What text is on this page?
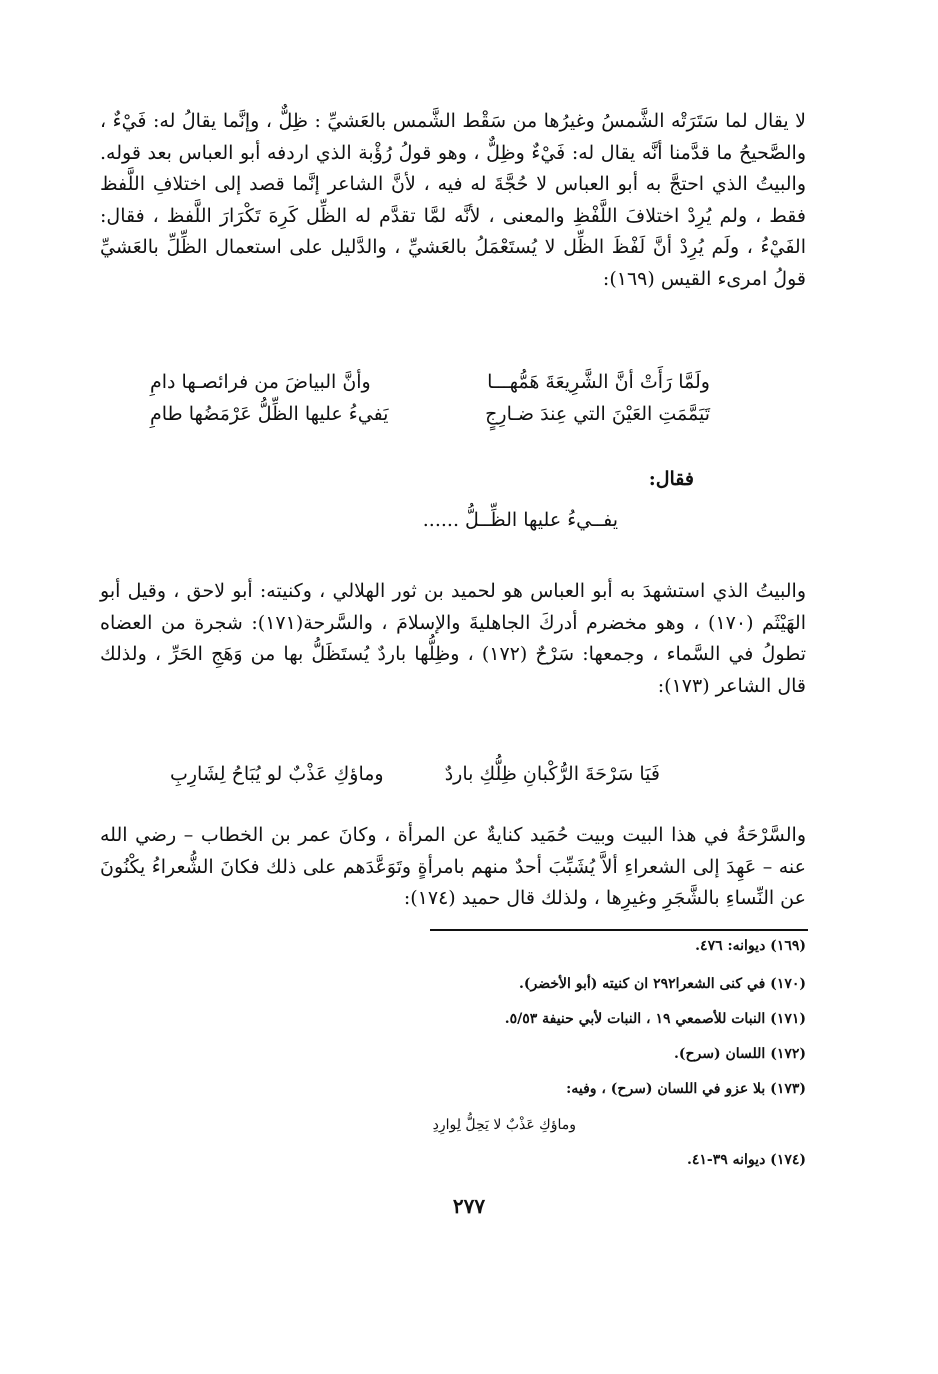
لا يقال لما سَتَرَتْه الشَّمسُ وغيرُها من سَقْط الشَّمس بالعَشيِّ : ظِلٌّ ، وإنَّما يقالُ له: فَيْءٌ ، والصَّحيحُ ما قدَّمنا أنَّه يقال له: فَيْءٌ وظِلٌّ ، وهو قولُ رُؤْبة الذي اردفه أبو العباس بعد قوله. والبيتُ الذي احتجَّ به أبو العباس لا حُجَّةَ له فيه ، لأنَّ الشاعر إنَّما قصد إلى اختلافِ اللَّفظ فقط ، ولم يُرِدْ اختلافَ اللَّفْظِ والمعنى ، لأنَّه لمَّا تقدَّم له الظِّل كَرِهَ تَكْرَارَ اللَّفظ ، فقال: الفَيْءُ ، ولَم يُرِدْ أنَّ لَفْظَ الظِّل لا يُستَعْمَلُ بالعَشيِّ ، والدَّليل على استعمال الظِّلِّ بالعَشيِّ قولُ امرىء القيس (١٦٩):

ولَمَّا رَأَتْ أنَّ الشَّرِيعَةَ هَمُّهـــا
وأنَّ البياضَ من فرائصـها دامِ
تَيَمَّمَتِ العَيْنَ التي عِندَ ضـارِجٍ
يَفيءُ عليها الظِّلُّ عَرْمَضُها طامِ
فقال:
يفــيءُ عليها الظِّــلُّ ......

والبيتُ الذي استشهدَ به أبو العباس هو لحميد بن ثور الهلالي ، وكنيته: أبو لاحق ، وقيل أبو الهَيْثَم (١٧٠) ، وهو مخضرم أدركَ الجاهليةَ والإسلامَ ، والسَّرحة(١٧١): شجرة من العضاه تطولُ في السَّماء ، وجمعها: سَرْحٌ (١٧٢) ، وظِلُّها باردٌ يُستَظَلُّ بها من وَهَجِ الحَرِّ ، ولذلك قال الشاعر (١٧٣):

فَيَا سَرْحَةَ الرُّكْبانِ ظِلُّكِ باردٌ
وماؤكِ عَذْبٌ لو يُبَاحُ لِشَارِبِ

والسَّرْحَةُ في هذا البيت وبيت حُمَيد كنايةٌ عن المرأة ، وكانَ عمر بن الخطاب – رضي الله عنه – عَهِدَ إلى الشعراءِ ألاَّ يُشَبِّبَ أحدٌ منهم بامرأةٍ وتَوَعَّدَهم على ذلك فكانَ الشُّعراءُ يكْنُونَ عن النِّساءِ بالشَّجَرِ وغيرِها ، ولذلك قال حميد (١٧٤):

(١٦٩) ديوانه: ٤٧٦.
(١٧٠) في كنى الشعرا٢٩٢ ان كنيته (أبو الأخضر).
(١٧١) النبات للأصمعي ١٩ ، النبات لأبي حنيفة ٥/٥٣.
(١٧٢) اللسان (سرح).
(١٧٣) بلا عزو في اللسان (سرح) ، وفيه:
وماؤكِ عَذْبٌ لا يَحِلُّ لِوارِدِ
(١٧٤) ديوانه ٣٩-٤١.
٢٧٧
